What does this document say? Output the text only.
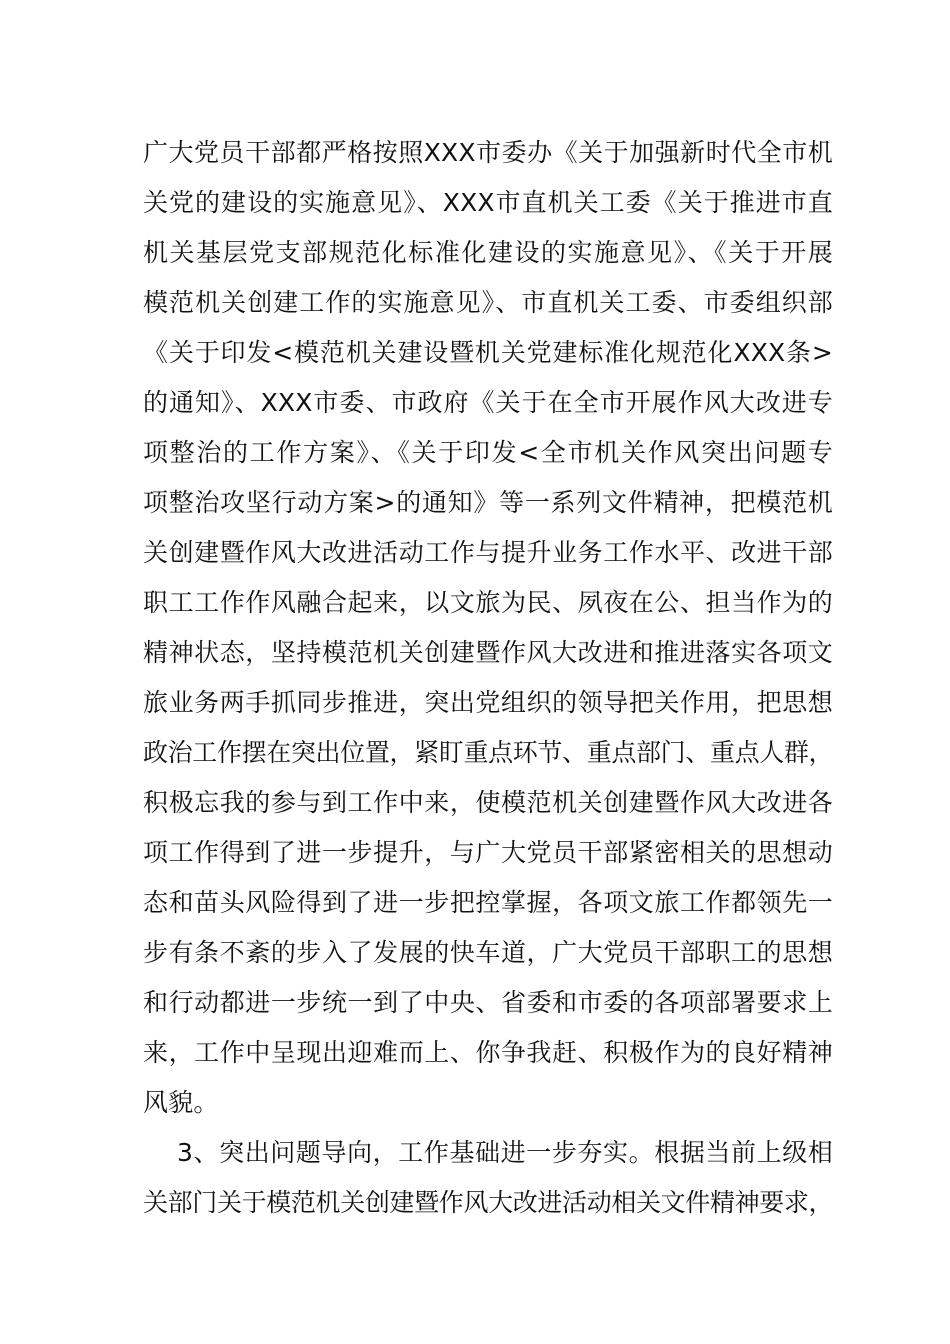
广大党员干部都严格按照XXX市委办《关于加强新时代全市机
关党的建设的实施意见》、XXX市直机关工委《关于推进市直
机关基层党支部规范化标准化建设的实施意见》、《关于开展
模范机关创建工作的实施意见》、市直机关工委、市委组织部
《关于印发<模范机关建设暨机关党建标准化规范化XXX条>
的通知》、XXX市委、市政府《关于在全市开展作风大改进专
项整治的工作方案》、《关于印发<全市机关作风突出问题专
项整治攻坚行动方案>的通知》等一系列文件精神，把模范机
关创建暨作风大改进活动工作与提升业务工作水平、改进干部
职工工作作风融合起来，以文旅为民、夙夜在公、担当作为的
精神状态，坚持模范机关创建暨作风大改进和推进落实各项文
旅业务两手抓同步推进，突出党组织的领导把关作用，把思想
政治工作摆在突出位置，紧盯重点环节、重点部门、重点人群，
积极忘我的参与到工作中来，使模范机关创建暨作风大改进各
项工作得到了进一步提升，与广大党员干部紧密相关的思想动
态和苗头风险得到了进一步把控掌握，各项文旅工作都领先一
步有条不紊的步入了发展的快车道，广大党员干部职工的思想
和行动都进一步统一到了中央、省委和市委的各项部署要求上
来，工作中呈现出迎难而上、你争我赶、积极作为的良好精神
风貌。
3、突出问题导向，工作基础进一步夯实。根据当前上级相
关部门关于模范机关创建暨作风大改进活动相关文件精神要求，
